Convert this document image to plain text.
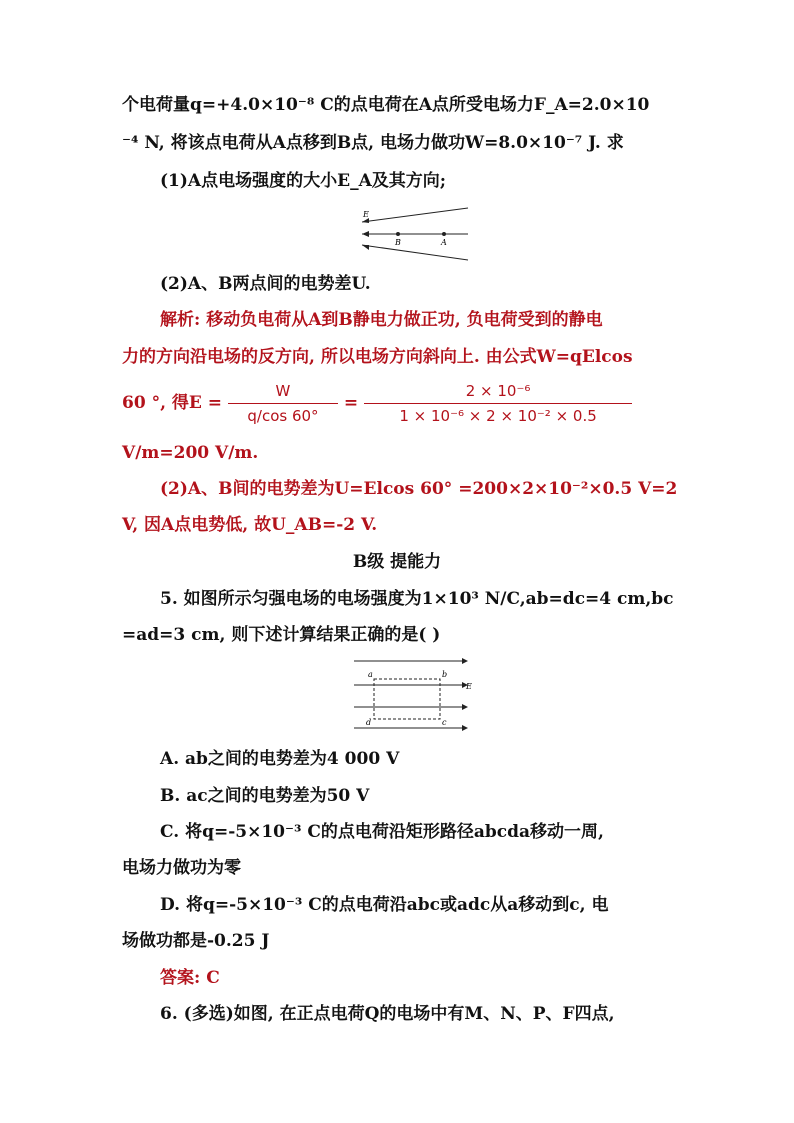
个电荷量q=+4.0×10⁻⁸ C的点电荷在A点所受电场力F_A=2.0×10
⁻⁴ N, 将该点电荷从A点移到B点, 电场力做功W=8.0×10⁻⁷ J. 求
(1)A点电场强度的大小E_A及其方向;
E
B	A
(2)A、B两点间的电势差U.
解析: 移动负电荷从A到B静电力做正功, 负电荷受到的静电
力的方向沿电场的反方向, 所以电场方向斜向上. 由公式W=qElcos
60 °, 得$E = \frac{W}{q/\cos 60^\circ} = \frac{\text{2 × 10⁻⁶}}{\text{1 × 10⁻⁶ × 2 × 10⁻² × 0.5}}$
V/m=200 V/m.
(2)A、B间的电势差为U=Elcos 60° =200×2×10⁻²×0.5 V=2
V, 因A点电势低, 故U_AB=-2 V.
B级 提能力
5. 如图所示匀强电场的电场强度为1×10³ N/C,ab=dc=4 cm,bc
=ad=3 cm, 则下述计算结果正确的是( )
a	b
c
d
E
A. ab之间的电势差为4 000 V
B. ac之间的电势差为50 V
C. 将q=-5×10⁻³ C的点电荷沿矩形路径abcda移动一周,
电场力做功为零
D. 将q=-5×10⁻³ C的点电荷沿abc或adc从a移动到c, 电
场做功都是-0.25 J
答案: C
6. (多选)如图, 在正点电荷Q的电场中有M、N、P、F四点,
